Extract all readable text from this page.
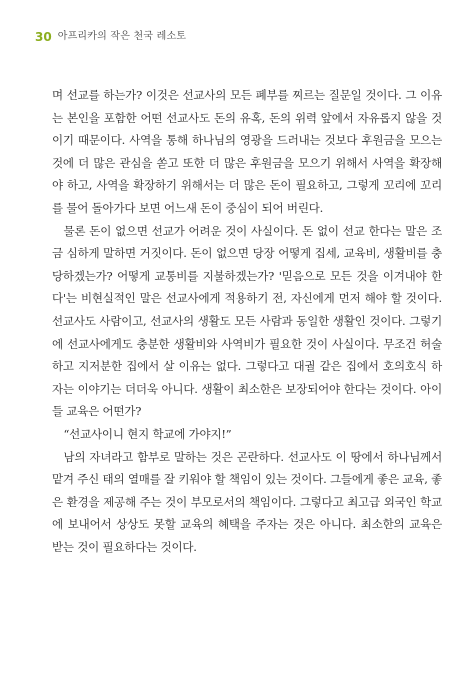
30 아프리카의 작은 천국 레소토

며 선교를 하는가? 이것은 선교사의 모든 폐부를 찌르는 질문일 것이다. 그 이유는 본인을 포함한 어떤 선교사도 돈의 유혹, 돈의 위력 앞에서 자유롭지 않을 것이기 때문이다. 사역을 통해 하나님의 영광을 드러내는 것보다 후원금을 모으는 것에 더 많은 관심을 쏟고 또한 더 많은 후원금을 모으기 위해서 사역을 확장해야 하고, 사역을 확장하기 위해서는 더 많은 돈이 필요하고, 그렇게 꼬리에 꼬리를 물어 돌아가다 보면 어느새 돈이 중심이 되어 버린다.

물론 돈이 없으면 선교가 어려운 것이 사실이다. 돈 없이 선교 한다는 말은 조금 심하게 말하면 거짓이다. 돈이 없으면 당장 어떻게 집세, 교육비, 생활비를 충당하겠는가? 어떻게 교통비를 지불하겠는가? '믿음으로 모든 것을 이겨내야 한다'는 비현실적인 말은 선교사에게 적용하기 전, 자신에게 먼저 해야 할 것이다. 선교사도 사람이고, 선교사의 생활도 모든 사람과 동일한 생활인 것이다. 그렇기에 선교사에게도 충분한 생활비와 사역비가 필요한 것이 사실이다. 무조건 허술하고 지저분한 집에서 살 이유는 없다. 그렇다고 대궐 같은 집에서 호의호식 하자는 이야기는 더더욱 아니다. 생활이 최소한은 보장되어야 한다는 것이다. 아이들 교육은 어떤가?

“선교사이니 현지 학교에 가야지!”

남의 자녀라고 함부로 말하는 것은 곤란하다. 선교사도 이 땅에서 하나님께서 맡겨 주신 태의 열매를 잘 키워야 할 책임이 있는 것이다. 그들에게 좋은 교육, 좋은 환경을 제공해 주는 것이 부모로서의 책임이다. 그렇다고 최고급 외국인 학교에 보내어서 상상도 못할 교육의 혜택을 주자는 것은 아니다. 최소한의 교육은 받는 것이 필요하다는 것이다.
